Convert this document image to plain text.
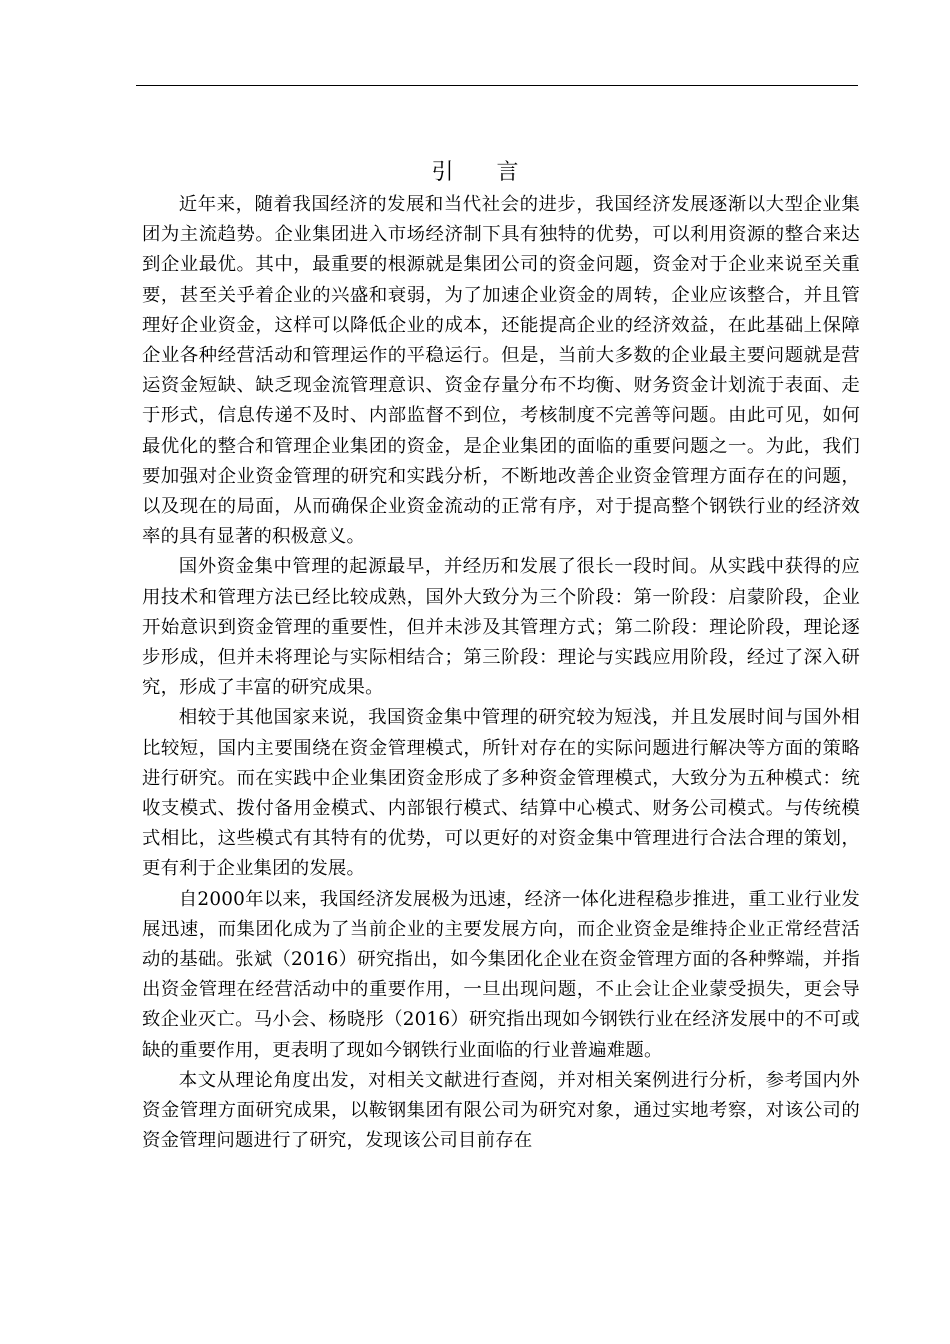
引 言

近年来，随着我国经济的发展和当代社会的进步，我国经济发展逐渐以大型企业集团为主流趋势。企业集团进入市场经济制下具有独特的优势，可以利用资源的整合来达到企业最优。其中，最重要的根源就是集团公司的资金问题，资金对于企业来说至关重要，甚至关乎着企业的兴盛和衰弱，为了加速企业资金的周转，企业应该整合，并且管理好企业资金，这样可以降低企业的成本，还能提高企业的经济效益，在此基础上保障企业各种经营活动和管理运作的平稳运行。但是，当前大多数的企业最主要问题就是营运资金短缺、缺乏现金流管理意识、资金存量分布不均衡、财务资金计划流于表面、走于形式，信息传递不及时、内部监督不到位，考核制度不完善等问题。由此可见，如何最优化的整合和管理企业集团的资金，是企业集团的面临的重要问题之一。为此，我们要加强对企业资金管理的研究和实践分析，不断地改善企业资金管理方面存在的问题，以及现在的局面，从而确保企业资金流动的正常有序，对于提高整个钢铁行业的经济效率的具有显著的积极意义。

国外资金集中管理的起源最早，并经历和发展了很长一段时间。从实践中获得的应用技术和管理方法已经比较成熟，国外大致分为三个阶段：第一阶段：启蒙阶段，企业开始意识到资金管理的重要性，但并未涉及其管理方式；第二阶段：理论阶段，理论逐步形成，但并未将理论与实际相结合；第三阶段：理论与实践应用阶段，经过了深入研究，形成了丰富的研究成果。

相较于其他国家来说，我国资金集中管理的研究较为短浅，并且发展时间与国外相比较短，国内主要围绕在资金管理模式，所针对存在的实际问题进行解决等方面的策略进行研究。而在实践中企业集团资金形成了多种资金管理模式，大致分为五种模式：统收支模式、拨付备用金模式、内部银行模式、结算中心模式、财务公司模式。与传统模式相比，这些模式有其特有的优势，可以更好的对资金集中管理进行合法合理的策划，更有利于企业集团的发展。

自2000年以来，我国经济发展极为迅速，经济一体化进程稳步推进，重工业行业发展迅速，而集团化成为了当前企业的主要发展方向，而企业资金是维持企业正常经营活动的基础。张斌（2016）研究指出，如今集团化企业在资金管理方面的各种弊端，并指出资金管理在经营活动中的重要作用，一旦出现问题，不止会让企业蒙受损失，更会导致企业灭亡。马小会、杨晓彤（2016）研究指出现如今钢铁行业在经济发展中的不可或缺的重要作用，更表明了现如今钢铁行业面临的行业普遍难题。

本文从理论角度出发，对相关文献进行查阅，并对相关案例进行分析，参考国内外资金管理方面研究成果，以鞍钢集团有限公司为研究对象，通过实地考察，对该公司的资金管理问题进行了研究，发现该公司目前存在
